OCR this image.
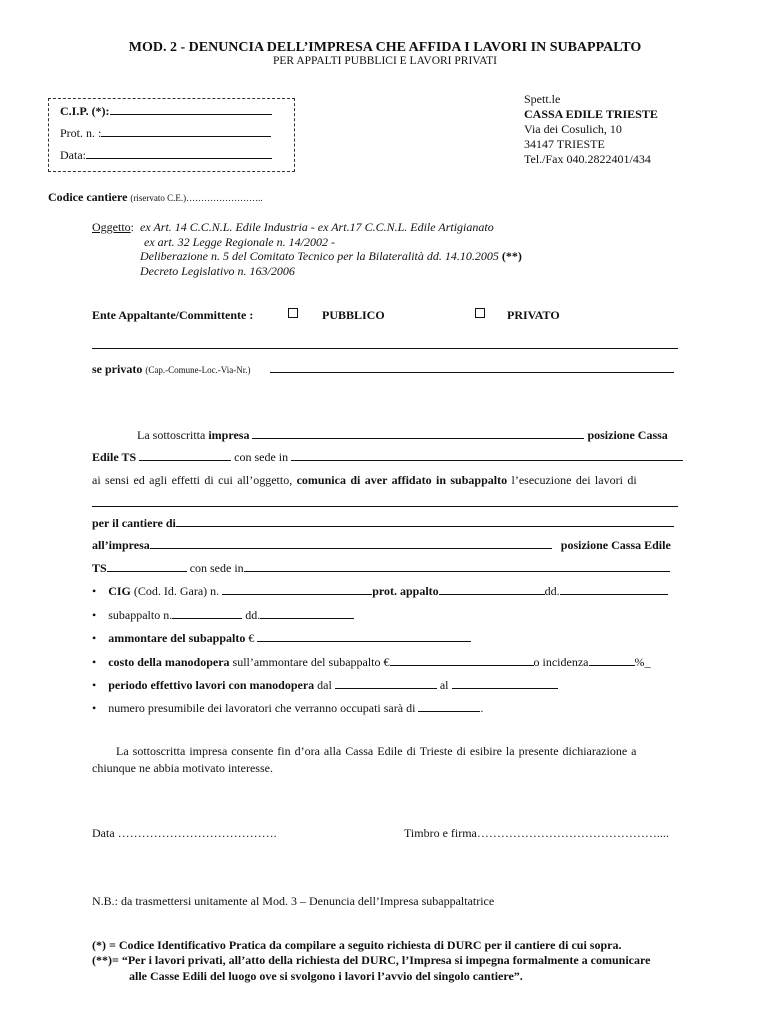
MOD. 2 - DENUNCIA DELL’IMPRESA CHE AFFIDA I LAVORI IN SUBAPPALTO
PER APPALTI PUBBLICI E LAVORI PRIVATI
C.I.P. (*):
Prot. n. :
Data:
Spett.le
CASSA EDILE TRIESTE
Via dei Cosulich, 10
34147 TRIESTE
Tel./Fax 040.2822401/434
Codice cantiere (riservato C.E.)……………………..
Oggetto:  ex Art. 14 C.C.N.L. Edile Industria - ex Art.17 C.C.N.L. Edile Artigianato
ex art. 32 Legge Regionale n. 14/2002 -
Deliberazione n. 5 del Comitato Tecnico per la Bilateralità dd. 14.10.2005 (**)
Decreto Legislativo n. 163/2006
Ente Appaltante/Committente :	PUBBLICO	PRIVATO
se privato (Cap.-Comune-Loc.-Via-Nr.)
La sottoscritta impresa	posizione Cassa
Edile TS	con sede in
ai sensi ed agli effetti di cui all’oggetto, comunica di aver affidato in subappalto l’esecuzione dei lavori di
per il cantiere di
all’impresa	posizione Cassa Edile
TS	con sede in
•    CIG (Cod. Id. Gara) n.	prot. appalto	dd.
•    subappalto n.	dd.
•    ammontare del subappalto €
•    costo della manodopera sull’ammontare del subappalto €	o incidenza	%_
•    periodo effettivo lavori con manodopera dal	al
•    numero presumibile dei lavoratori che verranno occupati sarà di	.
La sottoscritta impresa consente fin d’ora alla Cassa Edile di Trieste di esibire la presente dichiarazione a
chiunque ne abbia motivato interesse.
Data ………………………………….	Timbro e firma………………………………………....
N.B.: da trasmettersi unitamente al Mod. 3 – Denuncia dell’Impresa subappaltatrice
(*) = Codice Identificativo Pratica da compilare a seguito richiesta di DURC per il cantiere di cui sopra.
(**)= “Per i lavori privati, all’atto della richiesta del DURC, l’Impresa si impegna formalmente a comunicare
alle Casse Edili del luogo ove si svolgono i lavori l’avvio del singolo cantiere”.
